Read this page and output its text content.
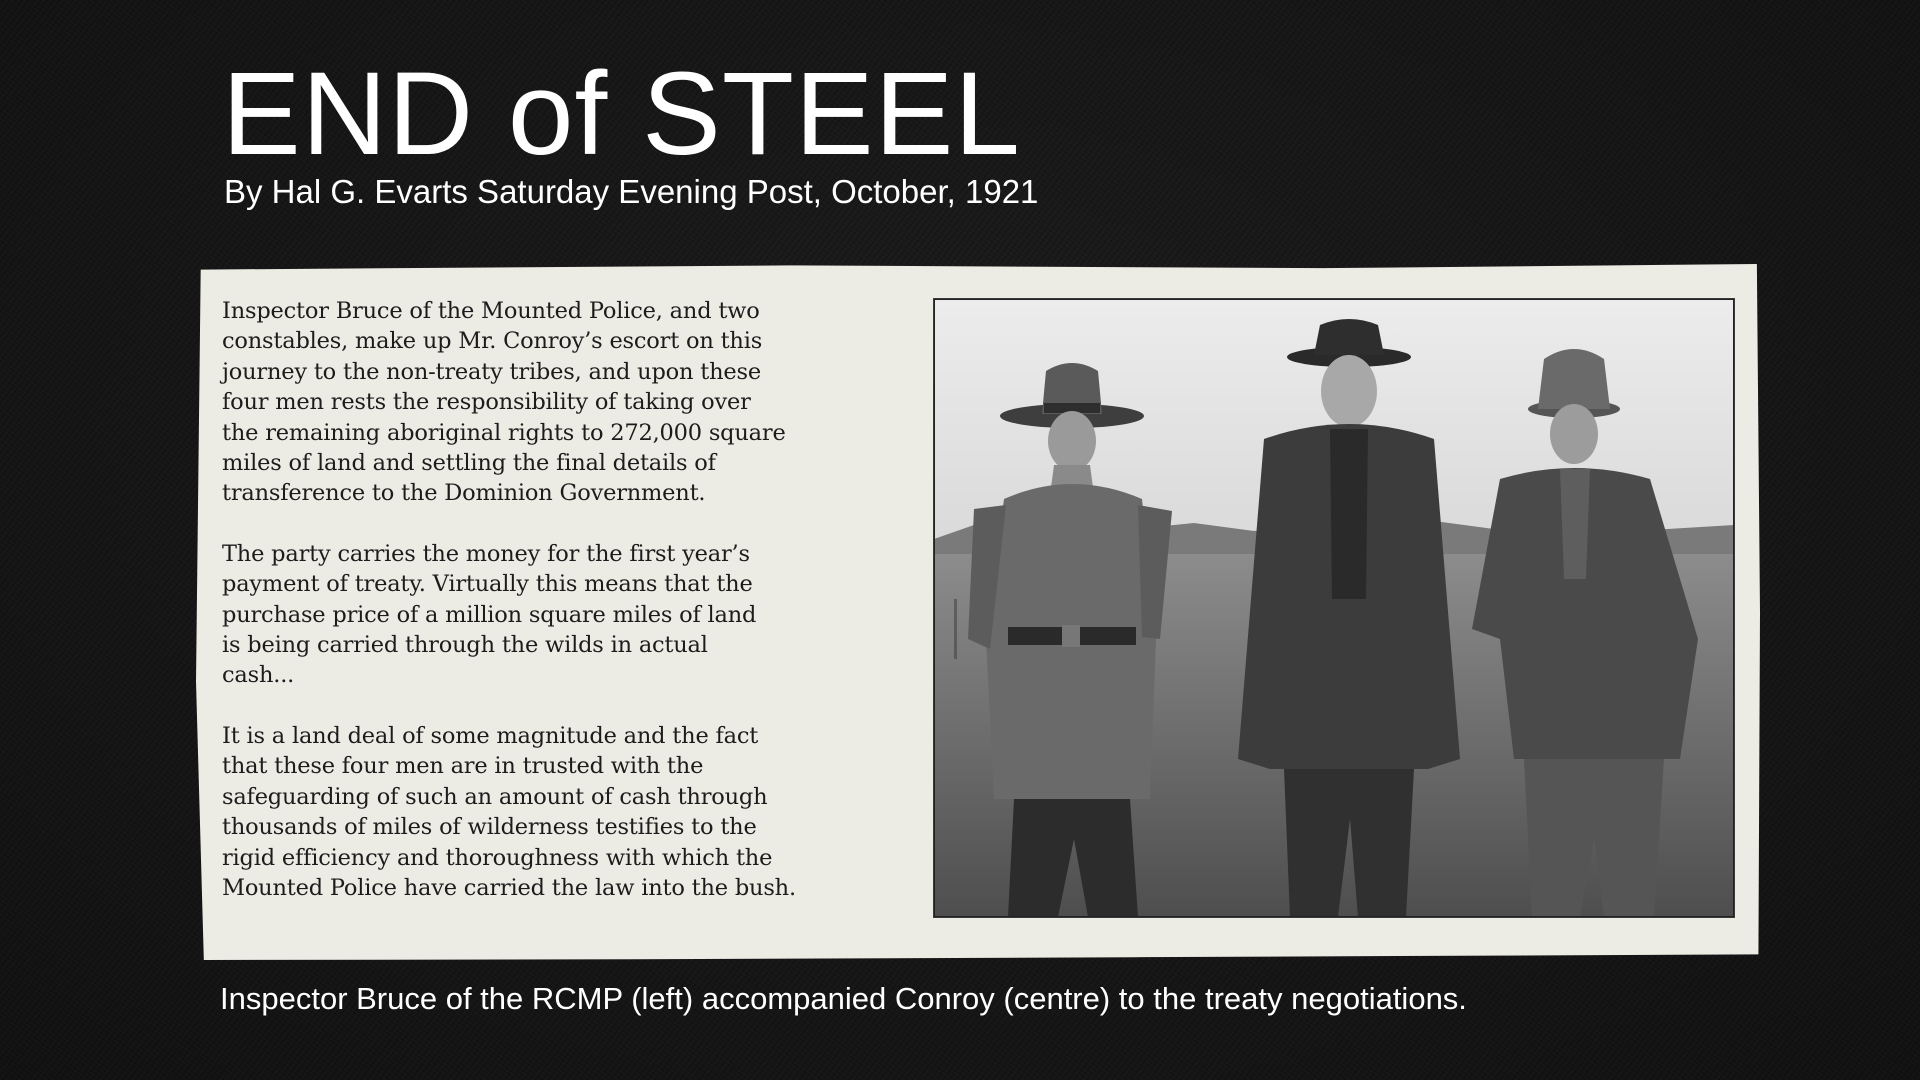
END of STEEL
By Hal G. Evarts Saturday Evening Post, October, 1921

Inspector Bruce of the Mounted Police, and two
constables, make up Mr. Conroy’s escort on this
journey to the non-treaty tribes, and upon these
four men rests the responsibility of taking over
the remaining aboriginal rights to 272,000 square
miles of land and settling the final details of
transference to the Dominion Government.

The party carries the money for the first year’s
payment of treaty. Virtually this means that the
purchase price of a million square miles of land
is being carried through the wilds in actual
cash...

It is a land deal of some magnitude and the fact
that these four men are in trusted with the
safeguarding of such an amount of cash through
thousands of miles of wilderness testifies to the
rigid efficiency and thoroughness with which the
Mounted Police have carried the law into the bush.

Inspector Bruce of the RCMP (left) accompanied Conroy (centre) to the treaty negotiations.
